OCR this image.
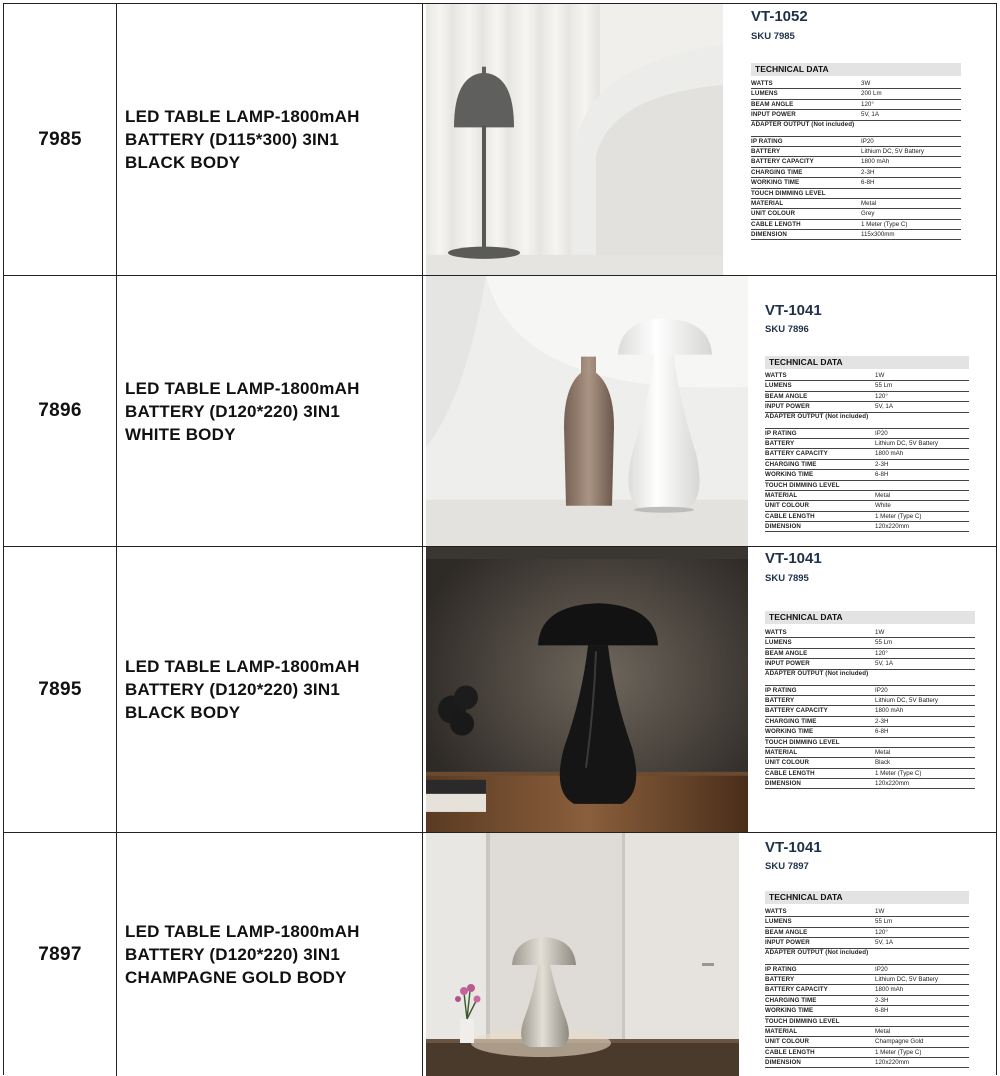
7985
LED TABLE LAMP-1800mAH
BATTERY (D115*300) 3IN1
BLACK BODY
VT-1052
SKU 7985
TECHNICAL DATA
WATTS	3W
LUMENS	200 Lm
BEAM ANGLE	120°
INPUT POWER	5V, 1A
ADAPTER OUTPUT (Not included)
IP RATING	IP20
BATTERY	Lithium DC, 5V Battery
BATTERY CAPACITY	1800 mAh
CHARGING TIME	2-3H
WORKING TIME	6-8H
TOUCH DIMMING LEVEL
MATERIAL	Metal
UNIT COLOUR	Grey
CABLE LENGTH	1 Meter (Type C)
DIMENSION	115x300mm
7896
LED TABLE LAMP-1800mAH
BATTERY (D120*220) 3IN1
WHITE BODY
VT-1041
SKU 7896
TECHNICAL DATA
WATTS	1W
LUMENS	55 Lm
BEAM ANGLE	120°
INPUT POWER	5V, 1A
ADAPTER OUTPUT (Not included)
IP RATING	IP20
BATTERY	Lithium DC, 5V Battery
BATTERY CAPACITY	1800 mAh
CHARGING TIME	2-3H
WORKING TIME	6-8H
TOUCH DIMMING LEVEL
MATERIAL	Metal
UNIT COLOUR	White
CABLE LENGTH	1 Meter (Type C)
DIMENSION	120x220mm
7895
LED TABLE LAMP-1800mAH
BATTERY (D120*220) 3IN1
BLACK BODY
VT-1041
SKU 7895
TECHNICAL DATA
WATTS	1W
LUMENS	55 Lm
BEAM ANGLE	120°
INPUT POWER	5V, 1A
ADAPTER OUTPUT (Not included)
IP RATING	IP20
BATTERY	Lithium DC, 5V Battery
BATTERY CAPACITY	1800 mAh
CHARGING TIME	2-3H
WORKING TIME	6-8H
TOUCH DIMMING LEVEL
MATERIAL	Metal
UNIT COLOUR	Black
CABLE LENGTH	1 Meter (Type C)
DIMENSION	120x220mm
7897
LED TABLE LAMP-1800mAH
BATTERY (D120*220) 3IN1
CHAMPAGNE GOLD BODY
VT-1041
SKU 7897
TECHNICAL DATA
WATTS	1W
LUMENS	55 Lm
BEAM ANGLE	120°
INPUT POWER	5V, 1A
ADAPTER OUTPUT (Not included)
IP RATING	IP20
BATTERY	Lithium DC, 5V Battery
BATTERY CAPACITY	1800 mAh
CHARGING TIME	2-3H
WORKING TIME	6-8H
TOUCH DIMMING LEVEL
MATERIAL	Metal
UNIT COLOUR	Champagne Gold
CABLE LENGTH	1 Meter (Type C)
DIMENSION	120x220mm
